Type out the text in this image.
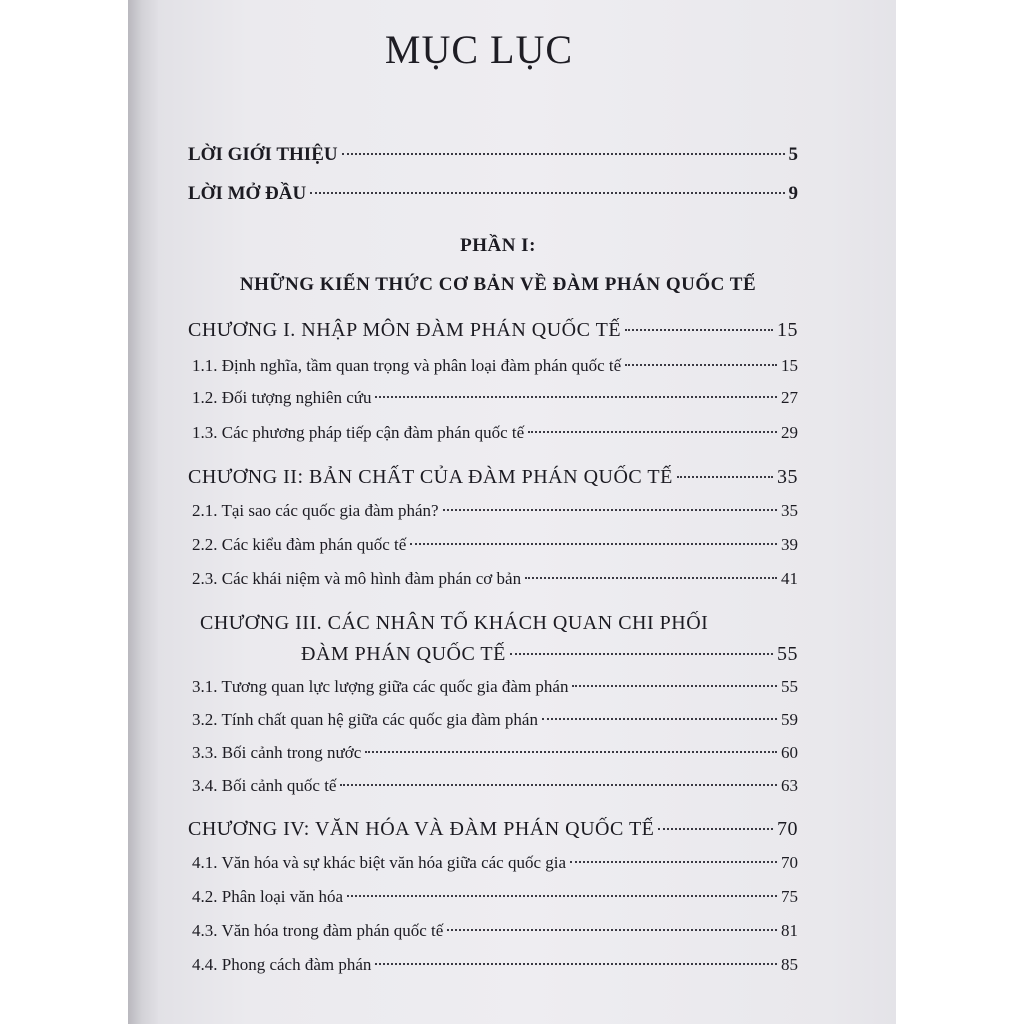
MỤC LỤC
LỜI GIỚI THIỆU	5
LỜI MỞ ĐẦU	9
PHẦN I:
NHỮNG KIẾN THỨC CƠ BẢN VỀ ĐÀM PHÁN QUỐC TẾ
CHƯƠNG I. NHẬP MÔN ĐÀM PHÁN QUỐC TẾ	15
1.1. Định nghĩa, tầm quan trọng và phân loại đàm phán quốc tế	15
1.2. Đối tượng nghiên cứu	27
1.3. Các phương pháp tiếp cận đàm phán quốc tế	29
CHƯƠNG II: BẢN CHẤT CỦA ĐÀM PHÁN QUỐC TẾ	35
2.1. Tại sao các quốc gia đàm phán?	35
2.2. Các kiểu đàm phán quốc tế	39
2.3. Các khái niệm và mô hình đàm phán cơ bản	41
CHƯƠNG III. CÁC NHÂN TỐ KHÁCH QUAN CHI PHỐI
ĐÀM PHÁN QUỐC TẾ	55
3.1. Tương quan lực lượng giữa các quốc gia đàm phán	55
3.2. Tính chất quan hệ giữa các quốc gia đàm phán	59
3.3. Bối cảnh trong nước	60
3.4. Bối cảnh quốc tế	63
CHƯƠNG IV: VĂN HÓA VÀ ĐÀM PHÁN QUỐC TẾ	70
4.1. Văn hóa và sự khác biệt văn hóa giữa các quốc gia	70
4.2. Phân loại văn hóa	75
4.3. Văn hóa trong đàm phán quốc tế	81
4.4. Phong cách đàm phán	85
